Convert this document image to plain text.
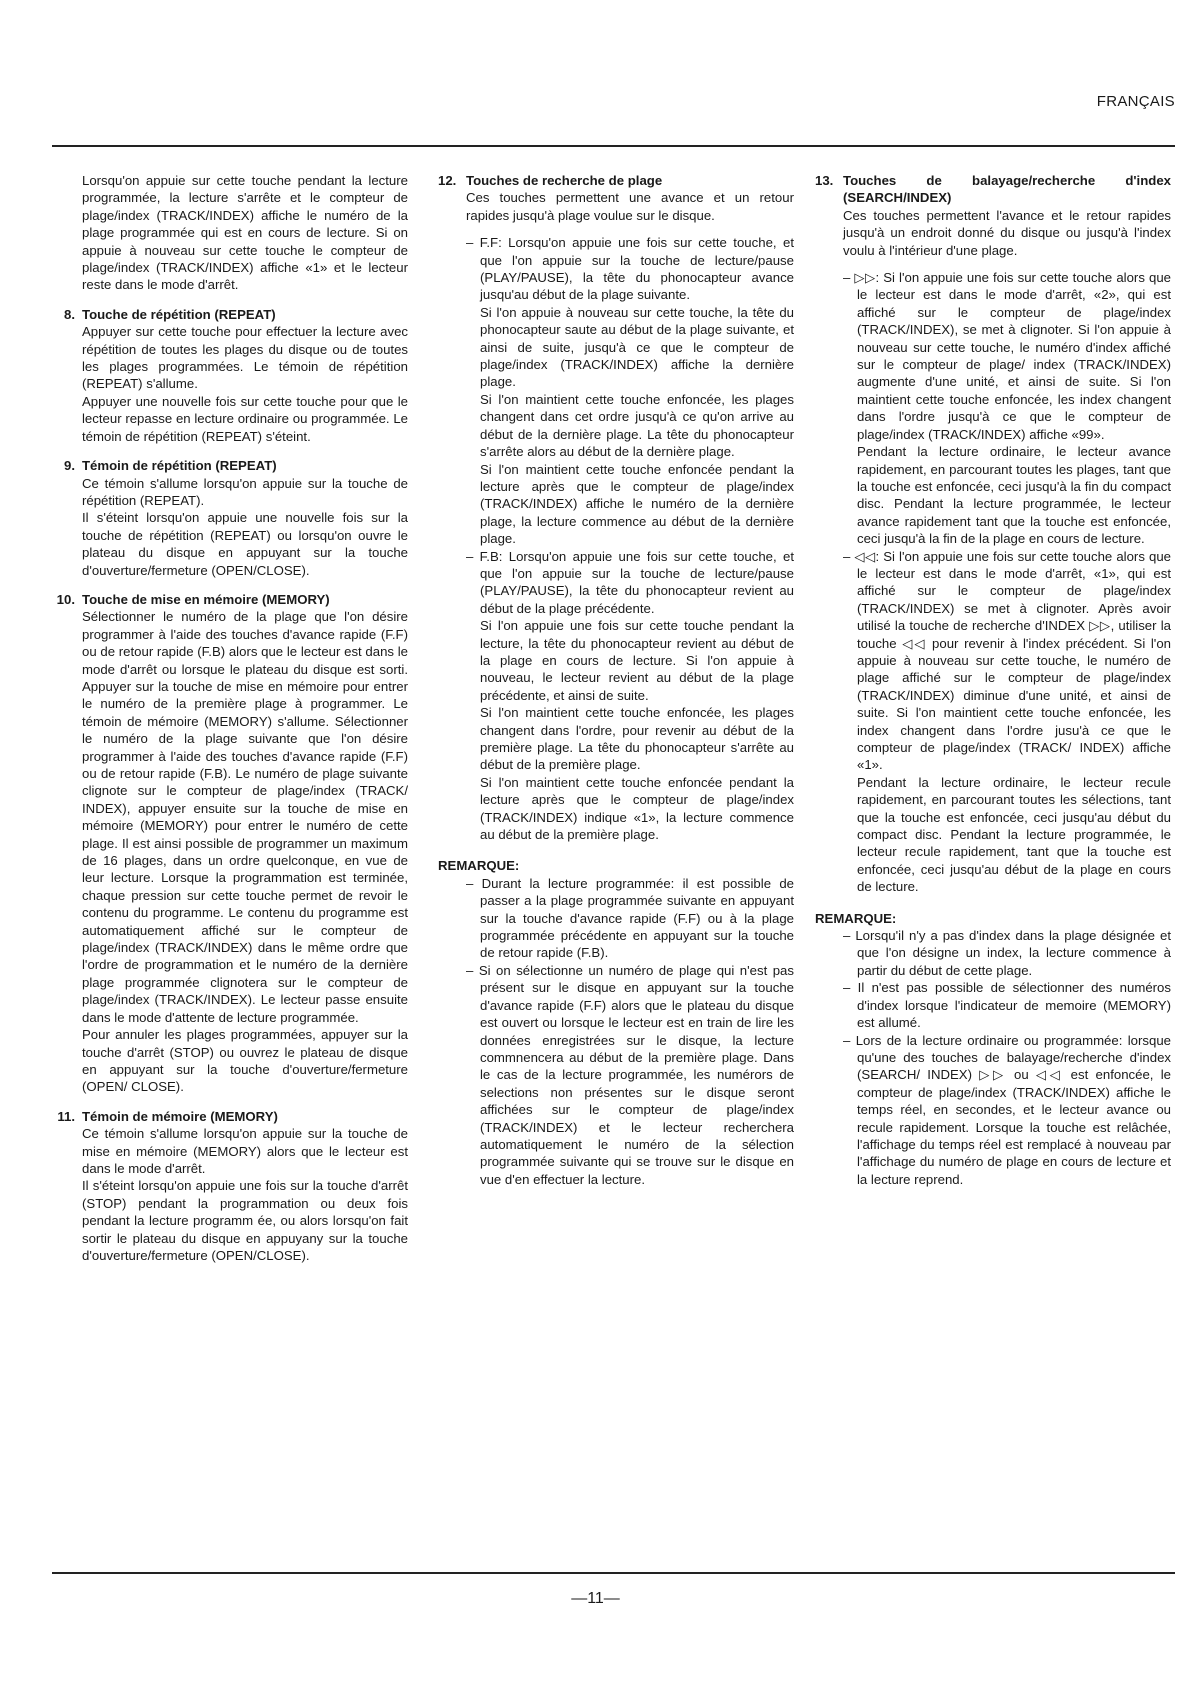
FRANÇAIS

Lorsqu'on appuie sur cette touche pendant la lecture programmée, la lecture s'arrête et le compteur de plage/index (TRACK/INDEX) affiche le numéro de la plage programmée qui est en cours de lecture. Si on appuie à nouveau sur cette touche le compteur de plage/index (TRACK/INDEX) affiche «1» et le lecteur reste dans le mode d'arrêt.

8. Touche de répétition (REPEAT)

Appuyer sur cette touche pour effectuer la lecture avec répétition de toutes les plages du disque ou de toutes les plages programmées. Le témoin de répétition (REPEAT) s'allume.

Appuyer une nouvelle fois sur cette touche pour que le lecteur repasse en lecture ordinaire ou programmée. Le témoin de répétition (REPEAT) s'éteint.

9. Témoin de répétition (REPEAT)

Ce témoin s'allume lorsqu'on appuie sur la touche de répétition (REPEAT).

Il s'éteint lorsqu'on appuie une nouvelle fois sur la touche de répétition (REPEAT) ou lorsqu'on ouvre le plateau du disque en appuyant sur la touche d'ouverture/fermeture (OPEN/CLOSE).

10. Touche de mise en mémoire (MEMORY)

Sélectionner le numéro de la plage que l'on désire programmer à l'aide des touches d'avance rapide (F.F) ou de retour rapide (F.B) alors que le lecteur est dans le mode d'arrêt ou lorsque le plateau du disque est sorti. Appuyer sur la touche de mise en mémoire pour entrer le numéro de la première plage à programmer. Le témoin de mémoire (MEMORY) s'allume. Sélectionner le numéro de la plage suivante que l'on désire programmer à l'aide des touches d'avance rapide (F.F) ou de retour rapide (F.B). Le numéro de plage suivante clignote sur le compteur de plage/index (TRACK/ INDEX), appuyer ensuite sur la touche de mise en mémoire (MEMORY) pour entrer le numéro de cette plage. Il est ainsi possible de programmer un maximum de 16 plages, dans un ordre quelconque, en vue de leur lecture. Lorsque la programmation est terminée, chaque pression sur cette touche permet de revoir le contenu du programme. Le contenu du programme est automatiquement affiché sur le compteur de plage/index (TRACK/INDEX) dans le même ordre que l'ordre de programmation et le numéro de la dernière plage programmée clignotera sur le compteur de plage/index (TRACK/INDEX). Le lecteur passe ensuite dans le mode d'attente de lecture programmée.

Pour annuler les plages programmées, appuyer sur la touche d'arrêt (STOP) ou ouvrez le plateau de disque en appuyant sur la touche d'ouverture/fermeture (OPEN/ CLOSE).

11. Témoin de mémoire (MEMORY)

Ce témoin s'allume lorsqu'on appuie sur la touche de mise en mémoire (MEMORY) alors que le lecteur est dans le mode d'arrêt.

Il s'éteint lorsqu'on appuie une fois sur la touche d'arrêt (STOP) pendant la programmation ou deux fois pendant la lecture programm ée, ou alors lorsqu'on fait sortir le plateau du disque en appuyany sur la touche d'ouverture/fermeture (OPEN/CLOSE).

12. Touches de recherche de plage

Ces touches permettent une avance et un retour rapides jusqu'à plage voulue sur le disque.

– F.F: Lorsqu'on appuie une fois sur cette touche, et que l'on appuie sur la touche de lecture/pause (PLAY/PAUSE), la tête du phonocapteur avance jusqu'au début de la plage suivante.

Si l'on appuie à nouveau sur cette touche, la tête du phonocapteur saute au début de la plage suivante, et ainsi de suite, jusqu'à ce que le compteur de plage/index (TRACK/INDEX) affiche la dernière plage.

Si l'on maintient cette touche enfoncée, les plages changent dans cet ordre jusqu'à ce qu'on arrive au début de la dernière plage. La tête du phonocapteur s'arrête alors au début de la dernière plage.

Si l'on maintient cette touche enfoncée pendant la lecture après que le compteur de plage/index (TRACK/INDEX) affiche le numéro de la dernière plage, la lecture commence au début de la dernière plage.

– F.B: Lorsqu'on appuie une fois sur cette touche, et que l'on appuie sur la touche de lecture/pause (PLAY/PAUSE), la tête du phonocapteur revient au début de la plage précédente.

Si l'on appuie une fois sur cette touche pendant la lecture, la tête du phonocapteur revient au début de la plage en cours de lecture. Si l'on appuie à nouveau, le lecteur revient au début de la plage précédente, et ainsi de suite.

Si l'on maintient cette touche enfoncée, les plages changent dans l'ordre, pour revenir au début de la première plage. La tête du phonocapteur s'arrête au début de la première plage.

Si l'on maintient cette touche enfoncée pendant la lecture après que le compteur de plage/index (TRACK/INDEX) indique «1», la lecture commence au début de la première plage.

REMARQUE:

– Durant la lecture programmée: il est possible de passer a la plage programmée suivante en appuyant sur la touche d'avance rapide (F.F) ou à la plage programmée précédente en appuyant sur la touche de retour rapide (F.B).

– Si on sélectionne un numéro de plage qui n'est pas présent sur le disque en appuyant sur la touche d'avance rapide (F.F) alors que le plateau du disque est ouvert ou lorsque le lecteur est en train de lire les données enregistrées sur le disque, la lecture commnencera au début de la première plage. Dans le cas de la lecture programmée, les numérors de selections non présentes sur le disque seront affichées sur le compteur de plage/index (TRACK/INDEX) et le lecteur recherchera automatiquement le numéro de la sélection programmée suivante qui se trouve sur le disque en vue d'en effectuer la lecture.

13. Touches de balayage/recherche d'index (SEARCH/INDEX)

Ces touches permettent l'avance et le retour rapides jusqu'à un endroit donné du disque ou jusqu'à l'index voulu à l'intérieur d'une plage.

– ▷▷: Si l'on appuie une fois sur cette touche alors que le lecteur est dans le mode d'arrêt, «2», qui est affiché sur le compteur de plage/index (TRACK/INDEX), se met à clignoter. Si l'on appuie à nouveau sur cette touche, le numéro d'index affiché sur le compteur de plage/ index (TRACK/INDEX) augmente d'une unité, et ainsi de suite. Si l'on maintient cette touche enfoncée, les index changent dans l'ordre jusqu'à ce que le compteur de plage/index (TRACK/INDEX) affiche «99».

Pendant la lecture ordinaire, le lecteur avance rapidement, en parcourant toutes les plages, tant que la touche est enfoncée, ceci jusqu'à la fin du compact disc. Pendant la lecture programmée, le lecteur avance rapidement tant que la touche est enfoncée, ceci jusqu'à la fin de la plage en cours de lecture.

– ◁◁: Si l'on appuie une fois sur cette touche alors que le lecteur est dans le mode d'arrêt, «1», qui est affiché sur le compteur de plage/index (TRACK/INDEX) se met à clignoter. Après avoir utilisé la touche de recherche d'INDEX ▷▷, utiliser la touche ◁◁ pour revenir à l'index précédent. Si l'on appuie à nouveau sur cette touche, le numéro de plage affiché sur le compteur de plage/index (TRACK/INDEX) diminue d'une unité, et ainsi de suite. Si l'on maintient cette touche enfoncée, les index changent dans l'ordre jusu'à ce que le compteur de plage/index (TRACK/ INDEX) affiche «1».

Pendant la lecture ordinaire, le lecteur recule rapidement, en parcourant toutes les sélections, tant que la touche est enfoncée, ceci jusqu'au début du compact disc. Pendant la lecture programmée, le lecteur recule rapidement, tant que la touche est enfoncée, ceci jusqu'au début de la plage en cours de lecture.

REMARQUE:

– Lorsqu'il n'y a pas d'index dans la plage désignée et que l'on désigne un index, la lecture commence à partir du début de cette plage.

– Il n'est pas possible de sélectionner des numéros d'index lorsque l'indicateur de memoire (MEMORY) est allumé.

– Lors de la lecture ordinaire ou programmée: lorsque qu'une des touches de balayage/recherche d'index (SEARCH/ INDEX) ▷▷ ou ◁◁ est enfoncée, le compteur de plage/index (TRACK/INDEX) affiche le temps réel, en secondes, et le lecteur avance ou recule rapidement. Lorsque la touche est relâchée, l'affichage du temps réel est remplacé à nouveau par l'affichage du numéro de plage en cours de lecture et la lecture reprend.

—11—
